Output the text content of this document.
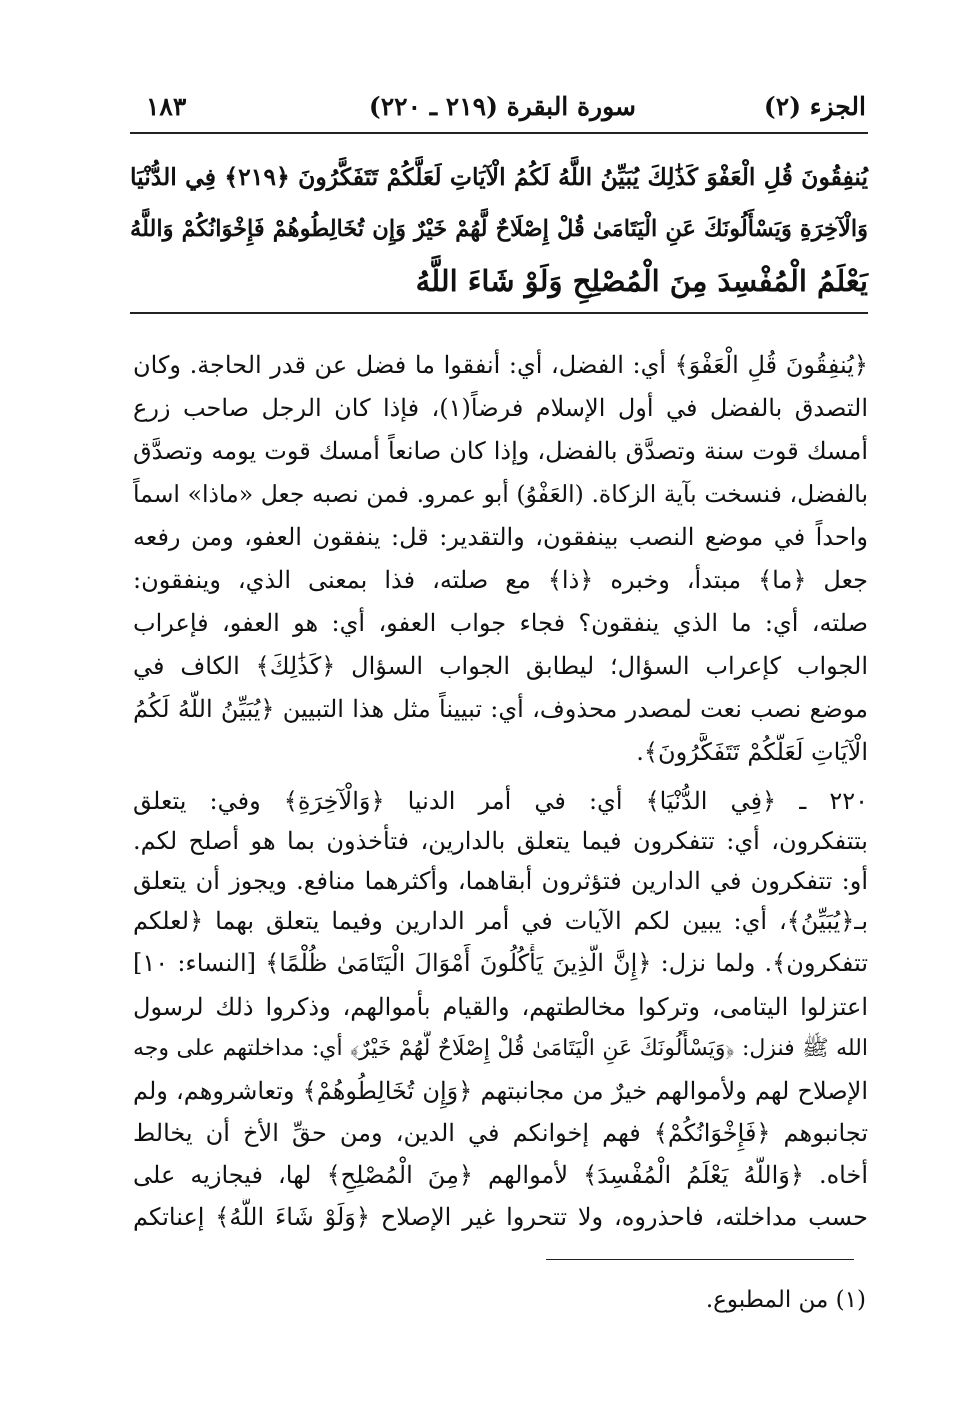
الجزء (٢)
سورة البقرة (٢١٩ ـ ٢٢٠)
١٨٣
يُنفِقُونَ قُلِ الْعَفْوَ كَذَٰلِكَ يُبَيِّنُ اللَّهُ لَكُمُ الْآيَاتِ لَعَلَّكُمْ تَتَفَكَّرُونَ ﴿٢١٩﴾ فِي الدُّنْيَا
وَالْآخِرَةِ وَيَسْأَلُونَكَ عَنِ الْيَتَامَىٰ قُلْ إِصْلَاحٌ لَّهُمْ خَيْرٌ وَإِن تُخَالِطُوهُمْ فَإِخْوَانُكُمْ وَاللَّهُ
يَعْلَمُ الْمُفْسِدَ مِنَ الْمُصْلِحِ وَلَوْ شَاءَ اللَّهُ
﴿يُنفِقُونَ قُلِ الْعَفْوَ﴾ أي: الفضل، أي: أنفقوا ما فضل عن قدر الحاجة. وكان
التصدق بالفضل في أول الإسلام فرضاً(١)، فإذا كان الرجل صاحب زرع
أمسك قوت سنة وتصدَّق بالفضل، وإذا كان صانعاً أمسك قوت يومه وتصدَّق
بالفضل، فنسخت بآية الزكاة. (العَفْوُ) أبو عمرو. فمن نصبه جعل «ماذا» اسماً
واحداً في موضع النصب بينفقون، والتقدير: قل: ينفقون العفو، ومن رفعه
جعل ﴿ما﴾ مبتدأ، وخبره ﴿ذا﴾ مع صلته، فذا بمعنى الذي، وينفقون:
صلته، أي: ما الذي ينفقون؟ فجاء جواب العفو، أي: هو العفو، فإعراب
الجواب كإعراب السؤال؛ ليطابق الجواب السؤال ﴿كَذَٰلِكَ﴾ الكاف في
موضع نصب نعت لمصدر محذوف، أي: تبييناً مثل هذا التبيين ﴿يُبَيِّنُ اللَّهُ لَكُمُ
الْآيَاتِ لَعَلَّكُمْ تَتَفَكَّرُونَ﴾.
٢٢٠ ـ ﴿فِي الدُّنْيَا﴾ أي: في أمر الدنيا ﴿وَالْآخِرَةِ﴾ وفي: يتعلق
بتتفكرون، أي: تتفكرون فيما يتعلق بالدارين، فتأخذون بما هو أصلح لكم.
أو: تتفكرون في الدارين فتؤثرون أبقاهما، وأكثرهما منافع. ويجوز أن يتعلق
بـ﴿يُبَيِّنُ﴾، أي: يبين لكم الآيات في أمر الدارين وفيما يتعلق بهما ﴿لعلكم
تتفكرون﴾. ولما نزل: ﴿إِنَّ الَّذِينَ يَأْكُلُونَ أَمْوَالَ الْيَتَامَىٰ ظُلْمًا﴾ [النساء: ١٠]
اعتزلوا اليتامى، وتركوا مخالطتهم، والقيام بأموالهم، وذكروا ذلك لرسول
الله ﷺ فنزل: ﴿وَيَسْأَلُونَكَ عَنِ الْيَتَامَىٰ قُلْ إِصْلَاحٌ لَّهُمْ خَيْرٌ﴾ أي: مداخلتهم على وجه
الإصلاح لهم ولأموالهم خيرٌ من مجانبتهم ﴿وَإِن تُخَالِطُوهُمْ﴾ وتعاشروهم، ولم
تجانبوهم ﴿فَإِخْوَانُكُمْ﴾ فهم إخوانكم في الدين، ومن حقِّ الأخ أن يخالط
أخاه. ﴿وَاللَّهُ يَعْلَمُ الْمُفْسِدَ﴾ لأموالهم ﴿مِنَ الْمُصْلِحِ﴾ لها، فيجازيه على
حسب مداخلته، فاحذروه، ولا تتحروا غير الإصلاح ﴿وَلَوْ شَاءَ اللَّهُ﴾ إعناتكم
(١) من المطبوع.
